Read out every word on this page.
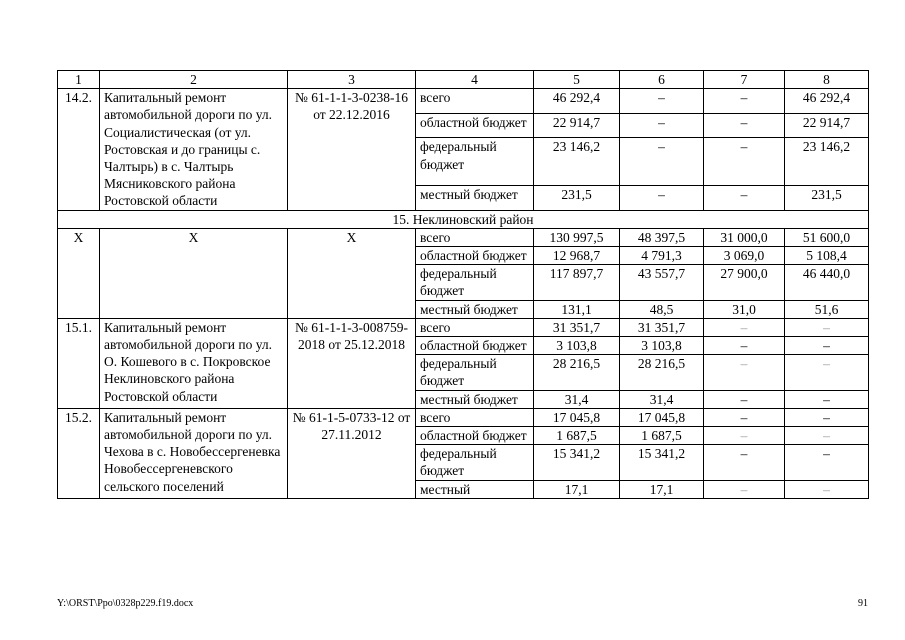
1	2	3	4	5	6	7	8
14.2.	Капитальный ремонт автомобильной дороги по ул. Социалистическая (от ул. Ростовская и до границы с. Чалтырь) в с. Чалтырь Мясниковского района Ростовской области	№ 61-1-1-3-0238-16 от 22.12.2016	всего	46 292,4	–	–	46 292,4
			областной бюджет	22 914,7	–	–	22 914,7
			федеральный бюджет	23 146,2	–	–	23 146,2
			местный бюджет	231,5	–	–	231,5
15. Неклиновский район							
Х	Х	Х	всего	130 997,5	48 397,5	31 000,0	51 600,0
			областной бюджет	12 968,7	4 791,3	3 069,0	5 108,4
			федеральный бюджет	117 897,7	43 557,7	27 900,0	46 440,0
			местный бюджет	131,1	48,5	31,0	51,6
15.1.	Капитальный ремонт автомобильной дороги по ул. О. Кошевого в с. Покровское Неклиновского района Ростовской области	№ 61-1-1-3-008759-2018 от 25.12.2018	всего	31 351,7	31 351,7	–	–
			областной бюджет	3 103,8	3 103,8	–	–
			федеральный бюджет	28 216,5	28 216,5	–	–
			местный бюджет	31,4	31,4	–	–
15.2.	Капитальный ремонт автомобильной дороги по ул. Чехова в с. Новобессергеневка Новобессергеневского сельского поселений	№ 61-1-5-0733-12 от 27.11.2012	всего	17 045,8	17 045,8	–	–
			областной бюджет	1 687,5	1 687,5	–	–
			федеральный бюджет	15 341,2	15 341,2	–	–
			местный	17,1	17,1	–	–
Y:\ORST\Ppo\0328p229.f19.docx	91
